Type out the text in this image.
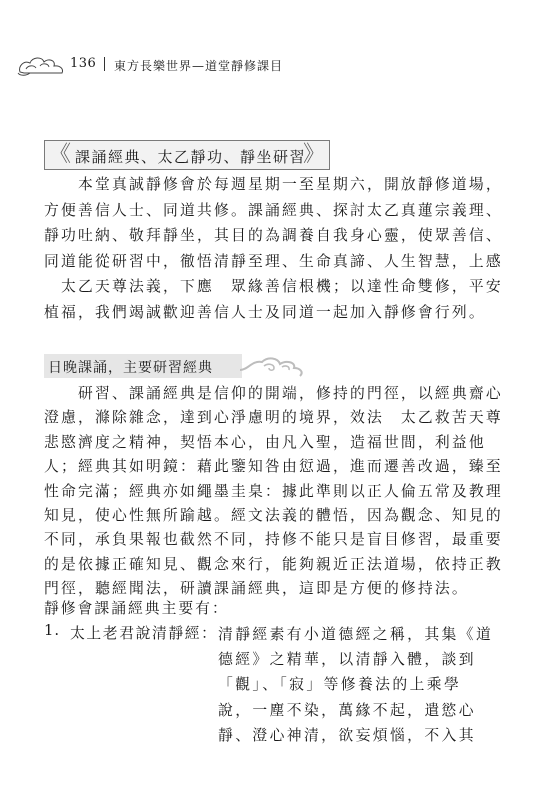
136 東方長樂世界—道堂靜修課目
《 課誦經典、太乙靜功、靜坐研習
》
　　本堂真誠靜修會於每週星期一至星期六，開放靜修道場，
方便善信人士、同道共修。課誦經典、探討太乙真蓮宗義理、
靜功吐納、敬拜靜坐，其目的為調養自我身心靈，使眾善信、
同道能從研習中，徹悟清靜至理、生命真諦、人生智慧，上感
　太乙天尊法義，下應　眾緣善信根機；以達性命雙修，平安
植福，我們竭誠歡迎善信人士及同道一起加入靜修會行列。
日晚課誦，主要研習經典
　　研習、課誦經典是信仰的開端，修持的門徑，以經典齋心
澄慮，滌除雜念，達到心淨慮明的境界，效法　太乙救苦天尊
悲愍濟度之精神，契悟本心，由凡入聖，造福世間，利益他
人；經典其如明鏡：藉此鑒知咎由愆過，進而遷善改過，臻至
性命完滿；經典亦如繩墨圭臬：據此準則以正人倫五常及教理
知見，使心性無所踰越。經文法義的體悟，因為觀念、知見的
不同，承負果報也截然不同，持修不能只是盲目修習，最重要
的是依據正確知見、觀念來行，能夠親近正法道場，依持正教
門徑，聽經聞法，研讀課誦經典，這即是方便的修持法。
靜修會課誦經典主要有：
1. 太上老君說清靜經： 清靜經素有小道德經之稱，其集《道
德經》之精華，以清靜入體，談到
「觀」、「寂」等修養法的上乘學
說，一塵不染，萬緣不起，遣慾心
靜、澄心神清，欲妄煩惱，不入其
